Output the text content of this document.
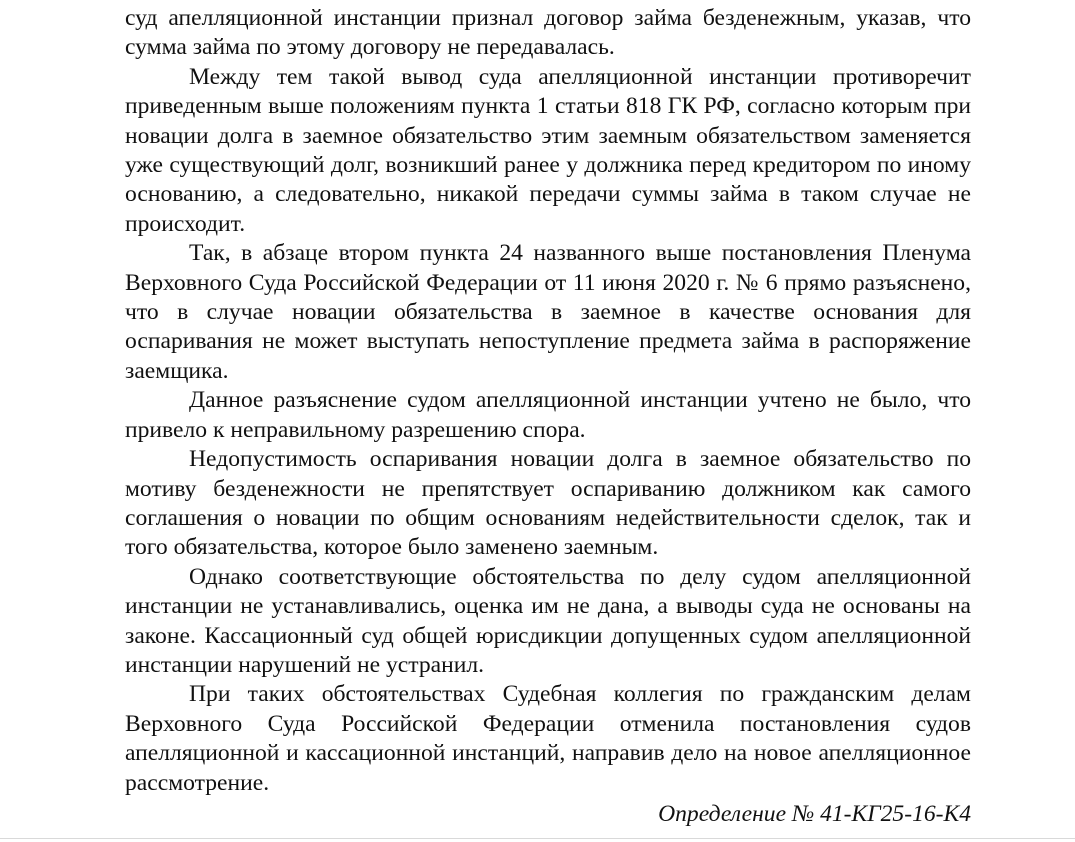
суд апелляционной инстанции признал договор займа безденежным, указав, что сумма займа по этому договору не передавалась.

Между тем такой вывод суда апелляционной инстанции противоречит приведенным выше положениям пункта 1 статьи 818 ГК РФ, согласно которым при новации долга в заемное обязательство этим заемным обязательством заменяется уже существующий долг, возникший ранее у должника перед кредитором по иному основанию, а следовательно, никакой передачи суммы займа в таком случае не происходит.

Так, в абзаце втором пункта 24 названного выше постановления Пленума Верховного Суда Российской Федерации от 11 июня 2020 г. № 6 прямо разъяснено, что в случае новации обязательства в заемное в качестве основания для оспаривания не может выступать непоступление предмета займа в распоряжение заемщика.

Данное разъяснение судом апелляционной инстанции учтено не было, что привело к неправильному разрешению спора.

Недопустимость оспаривания новации долга в заемное обязательство по мотиву безденежности не препятствует оспариванию должником как самого соглашения о новации по общим основаниям недействительности сделок, так и того обязательства, которое было заменено заемным.

Однако соответствующие обстоятельства по делу судом апелляционной инстанции не устанавливались, оценка им не дана, а выводы суда не основаны на законе. Кассационный суд общей юрисдикции допущенных судом апелляционной инстанции нарушений не устранил.

При таких обстоятельствах Судебная коллегия по гражданским делам Верховного Суда Российской Федерации отменила постановления судов апелляционной и кассационной инстанций, направив дело на новое апелляционное рассмотрение.

Определение № 41-КГ25-16-К4
